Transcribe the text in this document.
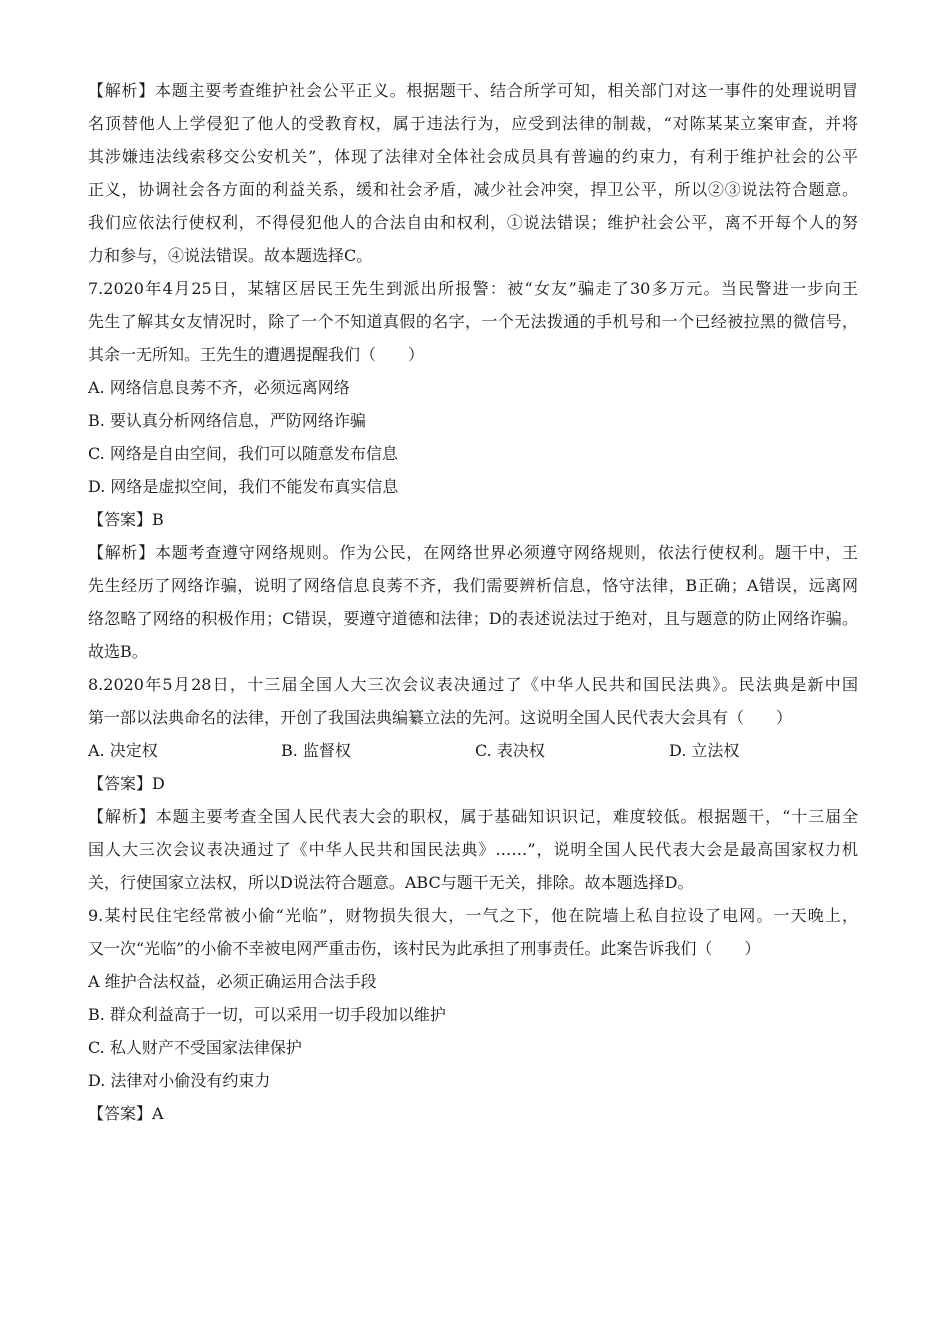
【解析】本题主要考查维护社会公平正义。根据题干、结合所学可知，相关部门对这一事件的处理说明冒
名顶替他人上学侵犯了他人的受教育权，属于违法行为，应受到法律的制裁，“对陈某某立案审查，并将
其涉嫌违法线索移交公安机关”，体现了法律对全体社会成员具有普遍的约束力，有利于维护社会的公平
正义，协调社会各方面的利益关系，缓和社会矛盾，减少社会冲突，捍卫公平，所以②③说法符合题意。
我们应依法行使权利，不得侵犯他人的合法自由和权利，①说法错误；维护社会公平，离不开每个人的努
力和参与，④说法错误。故本题选择C。
7.2020年4月25日，某辖区居民王先生到派出所报警：被“女友”骗走了30多万元。当民警进一步向王
先生了解其女友情况时，除了一个不知道真假的名字，一个无法拨通的手机号和一个已经被拉黑的微信号，
其余一无所知。王先生的遭遇提醒我们（　　）
A. 网络信息良莠不齐，必须远离网络
B. 要认真分析网络信息，严防网络诈骗
C. 网络是自由空间，我们可以随意发布信息
D. 网络是虚拟空间，我们不能发布真实信息
【答案】B
【解析】本题考查遵守网络规则。作为公民，在网络世界必须遵守网络规则，依法行使权利。题干中，王
先生经历了网络诈骗，说明了网络信息良莠不齐，我们需要辨析信息，恪守法律，B正确；A错误，远离网
络忽略了网络的积极作用；C错误，要遵守道德和法律；D的表述说法过于绝对，且与题意的防止网络诈骗。
故选B。
8.2020年5月28日，十三届全国人大三次会议表决通过了《中华人民共和国民法典》。民法典是新中国
第一部以法典命名的法律，开创了我国法典编纂立法的先河。这说明全国人民代表大会具有（　　）
A. 决定权	B. 监督权	C. 表决权	D. 立法权
【答案】D
【解析】本题主要考查全国人民代表大会的职权，属于基础知识识记，难度较低。根据题干，“十三届全
国人大三次会议表决通过了《中华人民共和国民法典》……”，说明全国人民代表大会是最高国家权力机
关，行使国家立法权，所以D说法符合题意。ABC与题干无关，排除。故本题选择D。
9.某村民住宅经常被小偷“光临”，财物损失很大，一气之下，他在院墙上私自拉设了电网。一天晚上，
又一次“光临”的小偷不幸被电网严重击伤，该村民为此承担了刑事责任。此案告诉我们（　　）
A 维护合法权益，必须正确运用合法手段
B. 群众利益高于一切，可以采用一切手段加以维护
C. 私人财产不受国家法律保护
D. 法律对小偷没有约束力
【答案】A
